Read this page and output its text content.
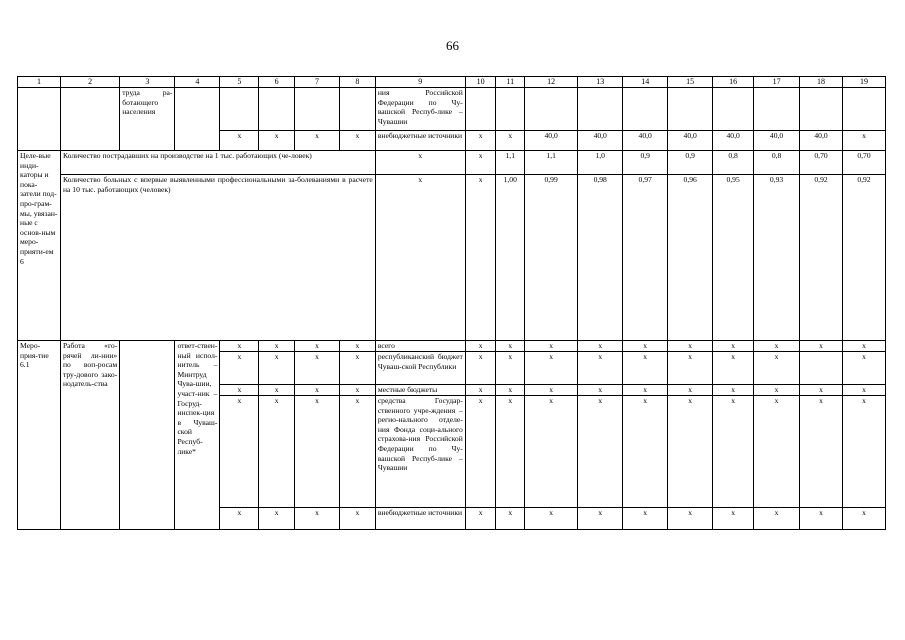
66
1	2	3	4	5	6	7	8	9	10	11	12	13	14	15	16	17	18	19
		труда ра-ботающего населения						ния Российской Федерации по Чу-вашской Респуб-лике – Чувашии										
				x	x	x	x	внебюджетные источники	x	x	40,0	40,0	40,0	40,0	40,0	40,0	40,0	x
Целе-вые инди-каторы и пока-затели под-про-грам-мы, увязан-ные с основ-ным меро-прияти-ем 6	Количество пострадавших на производстве на 1 тыс. работающих (че-ловек)							x	x	1,1	1,1	1,0	0,9	0,9	0,8	0,8	0,70	0,70
	Количество больных с впервые выявленными профессиональными за-болеваниями в расчете на 10 тыс. работающих (человек)							x	x	1,00	0,99	0,98	0,97	0,96	0,95	0,93	0,92	0,92
Меро-прия-тие 6.1	Работа «го-рячей ли-нии» по воп-росам тру-дового зако-нодатель-ства		ответ-ствен-ный испол-нитель – Минтруд Чува-шии, участ-ник – Госруд-инспек-ция в Чуваш-ской Респуб-лике*	x	x	x	x	всего	x	x	x	x	x	x	x	x	x	x
				x	x	x	x	республиканский бюджет Чуваш-ской Республики	x	x	x	x	x	x	x	x		x
				x	x	x	x	местные бюджеты	x	x	x	x	x	x	x	x	x	x
				x	x	x	x	средства Государ-ственного учре-ждения – регио-нального отделе-ния Фонда соци-ального страхова-ния Российской Федерации по Чу-вашской Респуб-лике – Чувашии	x	x	x	x	x	x	x	x	x	x
				x	x	x	x	внебюджетные источники	x	x	x	x	x	x	x	x	x	x
